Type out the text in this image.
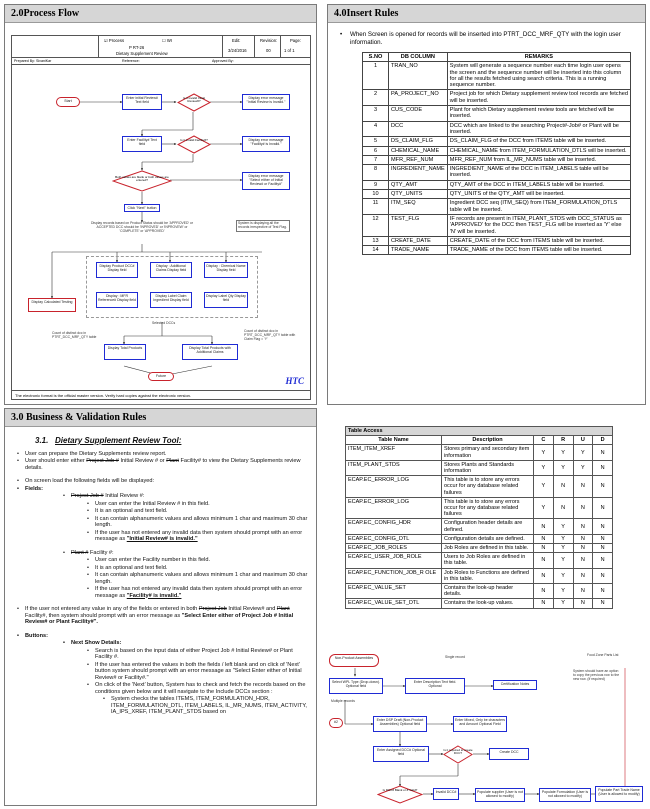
2.0Process Flow
☑ Process	☐ WI
P RT-26
Dietary Supplement Review
Edit:
3/24/2016
Revision:
00
Page:
1 of 1
Prepared By: SivaniKar	Reference:	Approved By:
Start
Enter initial Review# Text field
Is it invalid Initial Review#?
Display error message "Initial Review is Invalid."
Enter Facility# Text field
Is it invalid Facility#?	Display error message "Facility# is Invalid."
Both values are blank or both values are entered?
Display error message "Select either of Initial Review# or Facility#"
Click "Next" button
Display records based on Product Status should be 'APPROVED' or ACCEPTED DCC should be 'INPROVED' or 'INPROVEW' or 'COMPLETE' or 'APPROVED'
System is displaying all the records irrespective of Test Flag.
Display Product DCC# Display field
Display : Additional Claims Display field
Display : Chemical Name Display field
Display Calculated Testing
Display : MFR Reference# Display field
Display Label Claim Ingredient Display field
Display Label Qty Display field
Selected DCCs
Count of distinct dcc in PTRT_DCC_MRF_QTY table
Count of distinct dcc in PTRT_DCC_MRF_QTY table with Claim Flag = 'Y'
Display Total Products	Display Total Products with Additional Claims
Future	HTC
The electronic format is the official master version. Verify hard copies against the electronic version.
4.0Insert Rules
• When Screen is opened for records will be inserted into PTRT_DCC_MRF_QTY with the login user information.
S.NO	DB COLUMN	REMARKS
1	TRAN_NO	System will generate a sequence number each time login user opens the screen and the sequence number will be inserted into this column for all the results fetched using search criteria. This is a running sequence number.
2	PA_PROJECT_NO	Project job for which Dietary supplement review tool records are fetched will be inserted.
3	CUS_CODE	Plant for which Dietary supplement review tools are fetched will be inserted.
4	DCC	DCC which are linked to the searching Project#-Job# or Plant will be inserted.
5	DS_CLAIM_FLG	DS_CLAIM_FLG of the DCC from ITEMS table will be inserted.
6	CHEMICAL_NAME	CHEMICAL_NAME from ITEM_FORMULATION_DTLS will be inserted.
7	MFR_REF_NUM	MFR_REF_NUM from IL_MR_NUMS table will be inserted.
8	INGREDIENT_NAME	INGREDIENT_NAME of the DCC in ITEM_LABELS table will be inserted.
9	QTY_AMT	QTY_AMT of the DCC in ITEM_LABELS table will be inserted.
10	QTY_UNITS	QTY_UNITS of the QTY_AMT will be inserted.
11	ITM_SEQ	Ingredient DCC seq (ITM_SEQ) from ITEM_FORMULATION_DTLS table will be inserted.
12	TEST_FLG	IF records are present in ITEM_PLANT_STDS with DCC_STATUS as 'APPROVED' for the DCC then TEST_FLG will be inserted as 'Y' else 'N' will be inserted.
13	CREATE_DATE	CREATE_DATE of the DCC from ITEMS table will be inserted.
14	TRADE_NAME	TRADE_NAME of the DCC from ITEMS table will be inserted.
3.0 Business & Validation Rules
3.1. Dietary Supplement Review Tool:
• User can prepare the Dietary Supplements review report.
• User should enter either Project Job # Initial Review # or Plant Facility# to view the Dietary Supplements review details.
• On screen load the following fields will be displayed:
• Fields:
• Project Job # Initial Review #:
• User can enter the Initial Review # in this field.
• It is an optional and text field.
• It can contain alphanumeric values and allows minimum 1 char and maximum 30 char length.
• If the user has not entered any invalid data then system should prompt with an error message as "Initial Review# is invalid."
• Plant # Facility #:
• User can enter the Facility number in this field.
• It is an optional and text field.
• It can contain alphanumeric values and allows minimum 1 char and maximum 30 char length.
• If the user has not entered any invalid data then system should prompt with an error message as "Facility# is invalid."
• If the user not entered any value in any of the fields or entered in both Project Job Initial Review# and Plant Facility#, then system should prompt with an error message as "Select Enter either of Project Job # Initial Review# or Plant Facility#".
• Buttons:
• Next Show Details:
• Search is based on the input data of either Project Job # Initial Review# or Plant Facility #.
• If the user has entered the values in both the fields / left blank and on click of 'Next' button system should prompt with an error message as "Select Enter either of Initial Review# or Facility#."
• On click of the 'Next' button, System has to check and fetch the records based on the conditions given below and it will navigate to the Include DCCs section :
• System checks the tables ITEMS, ITEM_FORMULATION_HDR, ITEM_FORMULATION_DTL, ITEM_LABELS, IL_MR_NUMS, ITEM_ACTIVITY, IA_IPS_XREF, ITEM_PLANT_STDS based on
Table Access					
Table Name	Description	C	R	U	D
ITEM_ITEM_XREF	Stores primary and secondary item information	Y	Y	Y	N
ITEM_PLANT_STDS	Stores Plants and Standards information	Y	Y	Y	N
ECAP.EC_ERROR_LOG	This table is to store any errors occur for any database related failures	Y	N	N	N
ECAP.EC_ERROR_LOG	This table is to store any errors occur for any database related failures	Y	N	N	N
ECAP.EC_CONFIG_HDR	Configuration header details are defined.	N	Y	N	N
ECAP.EC_CONFIG_DTL	Configuration details are defined.	N	Y	N	N
ECAP.EC_JOB_ROLES	Job Roles are defined in this table.	N	Y	N	N
ECAP.EC_USER_JOB_ROLE	Users to Job Roles are defined in this table.	N	Y	N	N
ECAP.EC_FUNCTION_JOB_R OLE	Job Roles to Functions are defined in this table.	N	Y	N	N
ECAP.EC_VALUE_SET	Contains the look-up header details.	N	Y	N	N
ECAP.EC_VALUE_SET_DTL	Contains the look-up values.	N	Y	N	N
Non-Product Assemblies
Food Zone Parts List
Single record
Select WPL Type (Drop-down). Optional field
Enter Description Text field. Optional	Certification Notes
System should have an option to copy the previous row to the new row. (If required)
Multiple records
#2	Enter DSP Draft (Non-Product Assemblies) Optional field
Enter Mixed, Only be characters and Amount Optional Field
Enter Assigned DCC# Optional field
Is it required to create DCC?	Create DCC
Is DCC# Blank or # Valid?	Invalid DCC#	Populate supplier (User is not allowed to modify)
Populate Formulation (User is not allowed to modify)
Populate Part Trade Name (User is allowed to modify)
